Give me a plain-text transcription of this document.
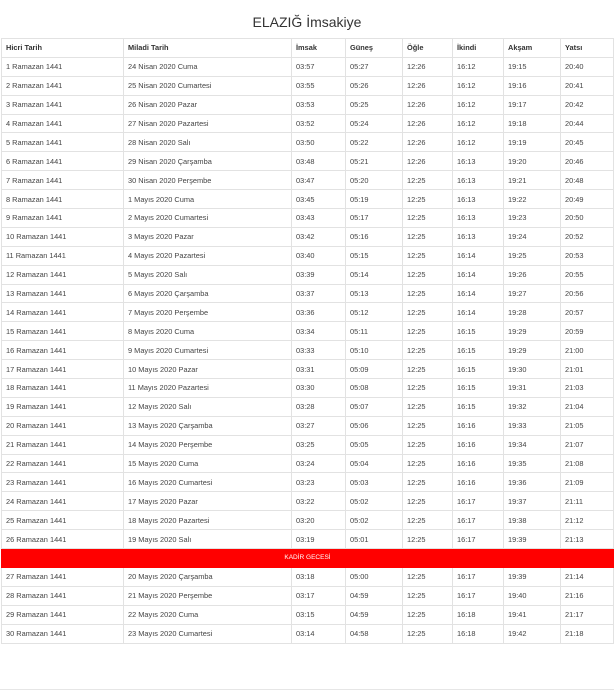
ELAZIĞ İmsakiye
Hicri Tarih	Miladi Tarih	İmsak	Güneş	Öğle	İkindi	Akşam	Yatsı
1 Ramazan 1441	24 Nisan 2020 Cuma	03:57	05:27	12:26	16:12	19:15	20:40
2 Ramazan 1441	25 Nisan 2020 Cumartesi	03:55	05:26	12:26	16:12	19:16	20:41
3 Ramazan 1441	26 Nisan 2020 Pazar	03:53	05:25	12:26	16:12	19:17	20:42
4 Ramazan 1441	27 Nisan 2020 Pazartesi	03:52	05:24	12:26	16:12	19:18	20:44
5 Ramazan 1441	28 Nisan 2020 Salı	03:50	05:22	12:26	16:12	19:19	20:45
6 Ramazan 1441	29 Nisan 2020 Çarşamba	03:48	05:21	12:26	16:13	19:20	20:46
7 Ramazan 1441	30 Nisan 2020 Perşembe	03:47	05:20	12:25	16:13	19:21	20:48
8 Ramazan 1441	1 Mayıs 2020 Cuma	03:45	05:19	12:25	16:13	19:22	20:49
9 Ramazan 1441	2 Mayıs 2020 Cumartesi	03:43	05:17	12:25	16:13	19:23	20:50
10 Ramazan 1441	3 Mayıs 2020 Pazar	03:42	05:16	12:25	16:13	19:24	20:52
11 Ramazan 1441	4 Mayıs 2020 Pazartesi	03:40	05:15	12:25	16:14	19:25	20:53
12 Ramazan 1441	5 Mayıs 2020 Salı	03:39	05:14	12:25	16:14	19:26	20:55
13 Ramazan 1441	6 Mayıs 2020 Çarşamba	03:37	05:13	12:25	16:14	19:27	20:56
14 Ramazan 1441	7 Mayıs 2020 Perşembe	03:36	05:12	12:25	16:14	19:28	20:57
15 Ramazan 1441	8 Mayıs 2020 Cuma	03:34	05:11	12:25	16:15	19:29	20:59
16 Ramazan 1441	9 Mayıs 2020 Cumartesi	03:33	05:10	12:25	16:15	19:29	21:00
17 Ramazan 1441	10 Mayıs 2020 Pazar	03:31	05:09	12:25	16:15	19:30	21:01
18 Ramazan 1441	11 Mayıs 2020 Pazartesi	03:30	05:08	12:25	16:15	19:31	21:03
19 Ramazan 1441	12 Mayıs 2020 Salı	03:28	05:07	12:25	16:15	19:32	21:04
20 Ramazan 1441	13 Mayıs 2020 Çarşamba	03:27	05:06	12:25	16:16	19:33	21:05
21 Ramazan 1441	14 Mayıs 2020 Perşembe	03:25	05:05	12:25	16:16	19:34	21:07
22 Ramazan 1441	15 Mayıs 2020 Cuma	03:24	05:04	12:25	16:16	19:35	21:08
23 Ramazan 1441	16 Mayıs 2020 Cumartesi	03:23	05:03	12:25	16:16	19:36	21:09
24 Ramazan 1441	17 Mayıs 2020 Pazar	03:22	05:02	12:25	16:17	19:37	21:11
25 Ramazan 1441	18 Mayıs 2020 Pazartesi	03:20	05:02	12:25	16:17	19:38	21:12
26 Ramazan 1441	19 Mayıs 2020 Salı	03:19	05:01	12:25	16:17	19:39	21:13
KADİR GECESİ							
27 Ramazan 1441	20 Mayıs 2020 Çarşamba	03:18	05:00	12:25	16:17	19:39	21:14
28 Ramazan 1441	21 Mayıs 2020 Perşembe	03:17	04:59	12:25	16:17	19:40	21:16
29 Ramazan 1441	22 Mayıs 2020 Cuma	03:15	04:59	12:25	16:18	19:41	21:17
30 Ramazan 1441	23 Mayıs 2020 Cumartesi	03:14	04:58	12:25	16:18	19:42	21:18
